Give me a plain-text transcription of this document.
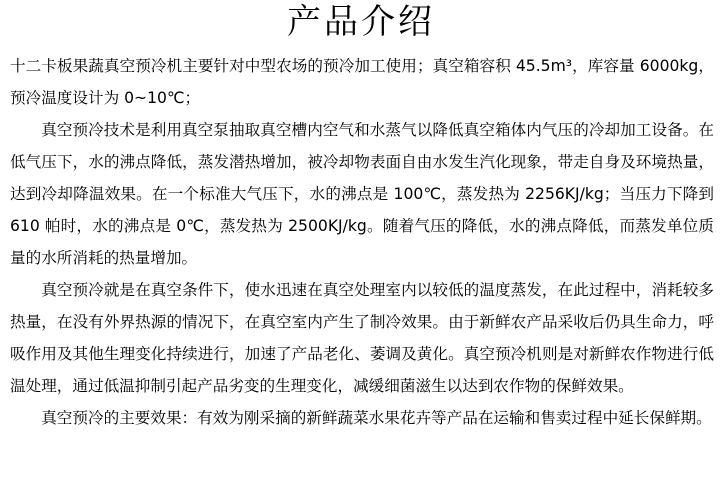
产品介绍

十二卡板果蔬真空预冷机主要针对中型农场的预冷加工使用；真空箱容积 45.5m³，库容量 6000kg，预冷温度设计为 0~10℃；

真空预冷技术是利用真空泵抽取真空槽内空气和水蒸气以降低真空箱体内气压的冷却加工设备。在低气压下，水的沸点降低，蒸发潜热增加，被冷却物表面自由水发生汽化现象，带走自身及环境热量，达到冷却降温效果。在一个标准大气压下，水的沸点是 100℃，蒸发热为 2256KJ/kg；当压力下降到 610 帕时，水的沸点是 0℃，蒸发热为 2500KJ/kg。随着气压的降低，水的沸点降低，而蒸发单位质量的水所消耗的热量增加。

真空预冷就是在真空条件下，使水迅速在真空处理室内以较低的温度蒸发，在此过程中，消耗较多热量，在没有外界热源的情况下，在真空室内产生了制冷效果。由于新鲜农产品采收后仍具生命力，呼吸作用及其他生理变化持续进行，加速了产品老化、萎调及黄化。真空预冷机则是对新鲜农作物进行低温处理，通过低温抑制引起产品劣变的生理变化，减缓细菌滋生以达到农作物的保鲜效果。

真空预冷的主要效果：有效为刚采摘的新鲜蔬菜水果花卉等产品在运输和售卖过程中延长保鲜期。
